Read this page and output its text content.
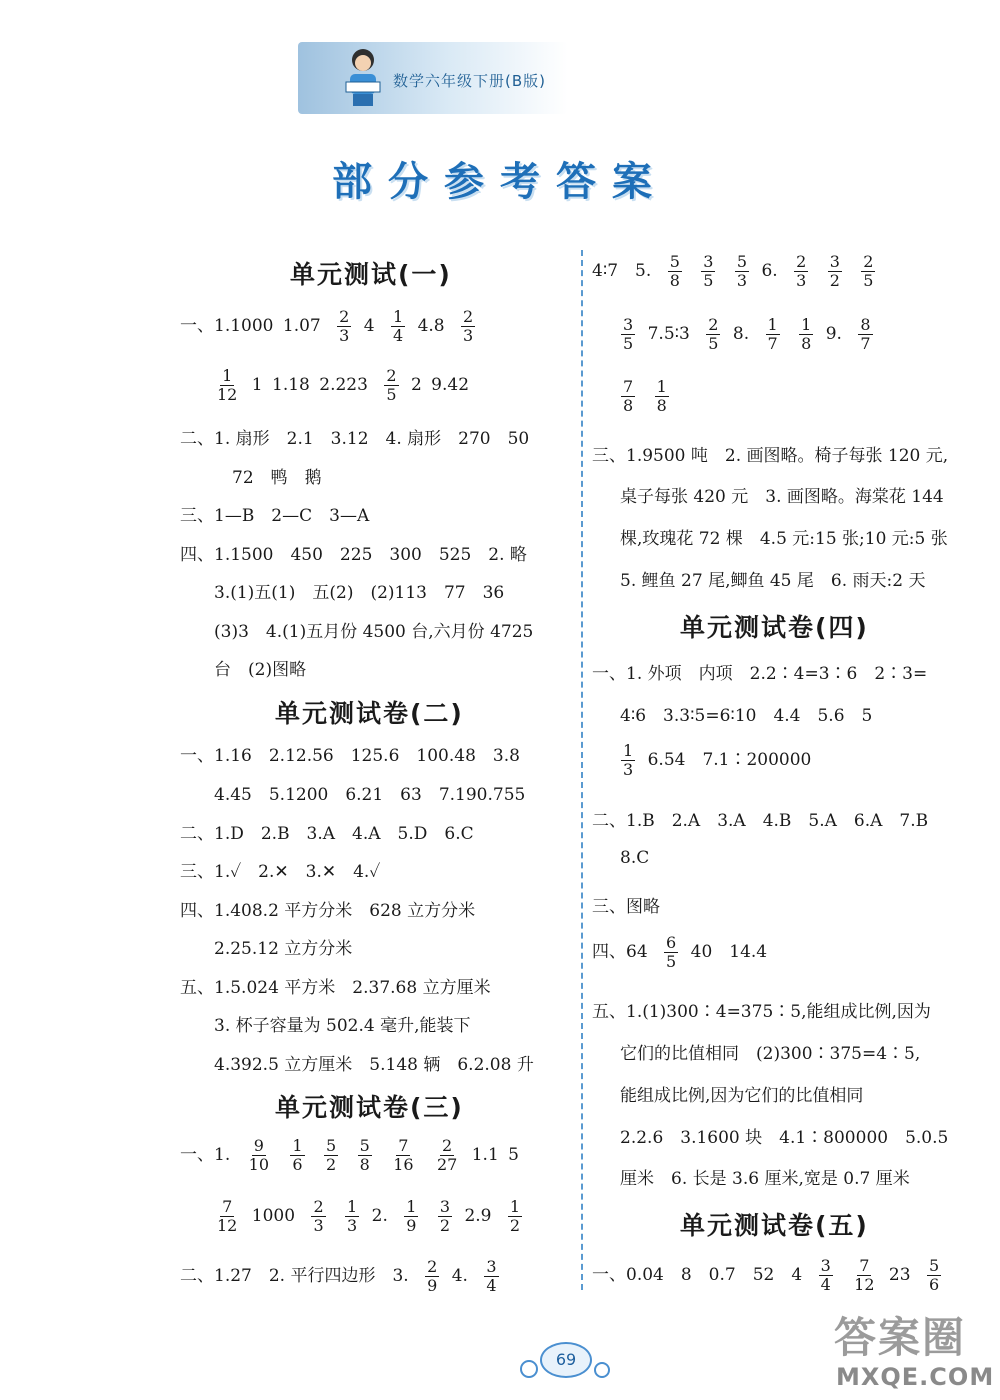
数学六年级下册(B版)
部分参考答案
单元测试(一)
一、1.1000 $1.07 \frac{2}{3} 4 \frac{1}{4} 4.8 \frac{2}{3}$
$\frac{1}{12} 1$ 1.18 $2.223 \frac{2}{5} 2$ 9.42
二、1. 扇形　2.1　3.12　4. 扇形　270　50
72　鸭　鹅
三、1—B　2—C　3—A
四、1.1500　450　225　300　525　2. 略
3.(1)五(1)　五(2)　(2)113　77　36
(3)3　4.(1)五月份 4500 台,六月份 4725
台　(2)图略
单元测试卷(二)
一、1.16　2.12.56　125.6　100.48　3.8
4.45　5.1200　6.21　63　7.190.755
二、1.D　2.B　3.A　4.A　5.D　6.C
三、1.✓　2.✕　3.✕　4.✓
四、1.408.2 平方分米　628 立方分米
2.25.12 立方分米
五、1.5.024 平方米　2.37.68 立方厘米
3. 杯子容量为 502.4 毫升,能装下
4.392.5 立方厘米　5.148 辆　6.2.08 升
单元测试卷(三)
一、1. $\frac{9}{10}$
$\frac{1}{6}$
$\frac{5}{2}$
$\frac{5}{8}$
$\frac{7}{16}$
$\frac{2}{27} 1.1$ 5
$\frac{7}{12} 1000 \frac{2}{3}$
$\frac{1}{3} 2$. $\frac{1}{9}$
$\frac{3}{2} 2.9 \frac{1}{2}$
二、1.27　2. 平行四边形　3. $\frac{2}{9} 4$. $\frac{3}{4}$
4∶7　5. $\frac{5}{8}$
$\frac{3}{5}$
$\frac{5}{3} 6$. $\frac{2}{3}$
$\frac{3}{2}$
$\frac{2}{5}$
$\frac{3}{5}$ 7.5∶3 $\frac{2}{5} 8$. $\frac{1}{7}$
$\frac{1}{8} 9$. $\frac{8}{7}$
$\frac{7}{8}$
$\frac{1}{8}$
三、1.9500 吨　2. 画图略。椅子每张 120 元,
桌子每张 420 元　3. 画图略。海棠花 144
棵,玫瑰花 72 棵　4.5 元:15 张;10 元:5 张
5. 鲤鱼 27 尾,鲫鱼 45 尾　6. 雨天:2 天
单元测试卷(四)
一、1. 外项　内项　2.2∶4=3∶6　2∶3=
4∶6　3.3∶5=6∶10　4.4　5.6　5
$\frac{1}{3} 6.54$　7.1∶200000
二、1.B　2.A　3.A　4.B　5.A　6.A　7.B
8.C
三、图略
四、$64 \frac{6}{5} 40$　14.4
五、1.(1)300∶4=375∶5,能组成比例,因为
它们的比值相同　(2)300∶375=4∶5,
能组成比例,因为它们的比值相同
2.2.6　3.1600 块　4.1∶800000　5.0.5
厘米　6. 长是 3.6 厘米,宽是 0.7 厘米
单元测试卷(五)
一、0.04　8　0.7　52　$4 \frac{3}{4}$
$\frac{7}{12} 23 \frac{5}{6}$
69	答案圈
MXQE.COM
